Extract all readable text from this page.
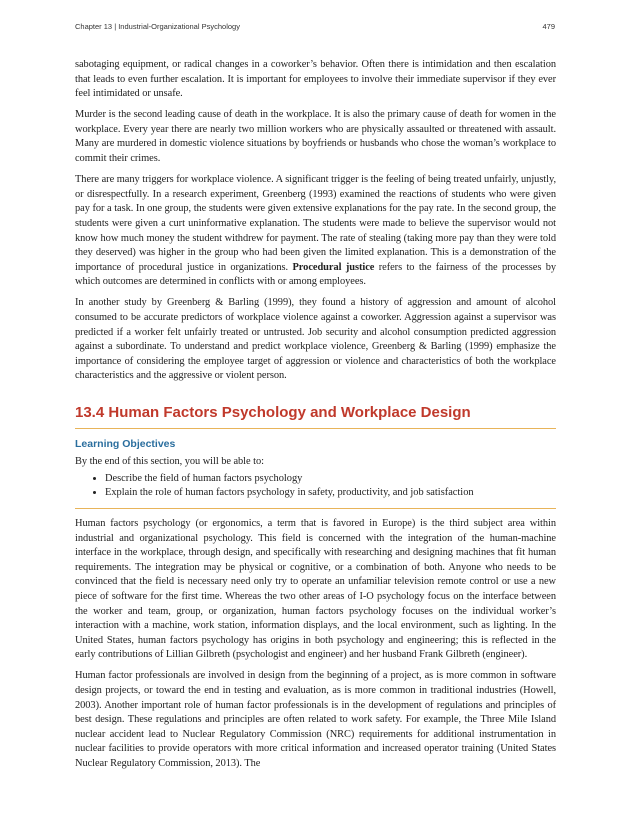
Chapter 13 | Industrial-Organizational Psychology	479

sabotaging equipment, or radical changes in a coworker’s behavior. Often there is intimidation and then escalation that leads to even further escalation. It is important for employees to involve their immediate supervisor if they ever feel intimidated or unsafe.

Murder is the second leading cause of death in the workplace. It is also the primary cause of death for women in the workplace. Every year there are nearly two million workers who are physically assaulted or threatened with assault. Many are murdered in domestic violence situations by boyfriends or husbands who chose the woman’s workplace to commit their crimes.

There are many triggers for workplace violence. A significant trigger is the feeling of being treated unfairly, unjustly, or disrespectfully. In a research experiment, Greenberg (1993) examined the reactions of students who were given pay for a task. In one group, the students were given extensive explanations for the pay rate. In the second group, the students were given a curt uninformative explanation. The students were made to believe the supervisor would not know how much money the student withdrew for payment. The rate of stealing (taking more pay than they were told they deserved) was higher in the group who had been given the limited explanation. This is a demonstration of the importance of procedural justice in organizations. Procedural justice refers to the fairness of the processes by which outcomes are determined in conflicts with or among employees.

In another study by Greenberg & Barling (1999), they found a history of aggression and amount of alcohol consumed to be accurate predictors of workplace violence against a coworker. Aggression against a supervisor was predicted if a worker felt unfairly treated or untrusted. Job security and alcohol consumption predicted aggression against a subordinate. To understand and predict workplace violence, Greenberg & Barling (1999) emphasize the importance of considering the employee target of aggression or violence and characteristics of both the workplace characteristics and the aggressive or violent person.

13.4 Human Factors Psychology and Workplace Design
Learning Objectives

By the end of this section, you will be able to:

• Describe the field of human factors psychology
• Explain the role of human factors psychology in safety, productivity, and job satisfaction

Human factors psychology (or ergonomics, a term that is favored in Europe) is the third subject area within industrial and organizational psychology. This field is concerned with the integration of the human-machine interface in the workplace, through design, and specifically with researching and designing machines that fit human requirements. The integration may be physical or cognitive, or a combination of both. Anyone who needs to be convinced that the field is necessary need only try to operate an unfamiliar television remote control or use a new piece of software for the first time. Whereas the two other areas of I-O psychology focus on the interface between the worker and team, group, or organization, human factors psychology focuses on the individual worker’s interaction with a machine, work station, information displays, and the local environment, such as lighting. In the United States, human factors psychology has origins in both psychology and engineering; this is reflected in the early contributions of Lillian Gilbreth (psychologist and engineer) and her husband Frank Gilbreth (engineer).

Human factor professionals are involved in design from the beginning of a project, as is more common in software design projects, or toward the end in testing and evaluation, as is more common in traditional industries (Howell, 2003). Another important role of human factor professionals is in the development of regulations and principles of best design. These regulations and principles are often related to work safety. For example, the Three Mile Island nuclear accident lead to Nuclear Regulatory Commission (NRC) requirements for additional instrumentation in nuclear facilities to provide operators with more critical information and increased operator training (United States Nuclear Regulatory Commission, 2013). The
